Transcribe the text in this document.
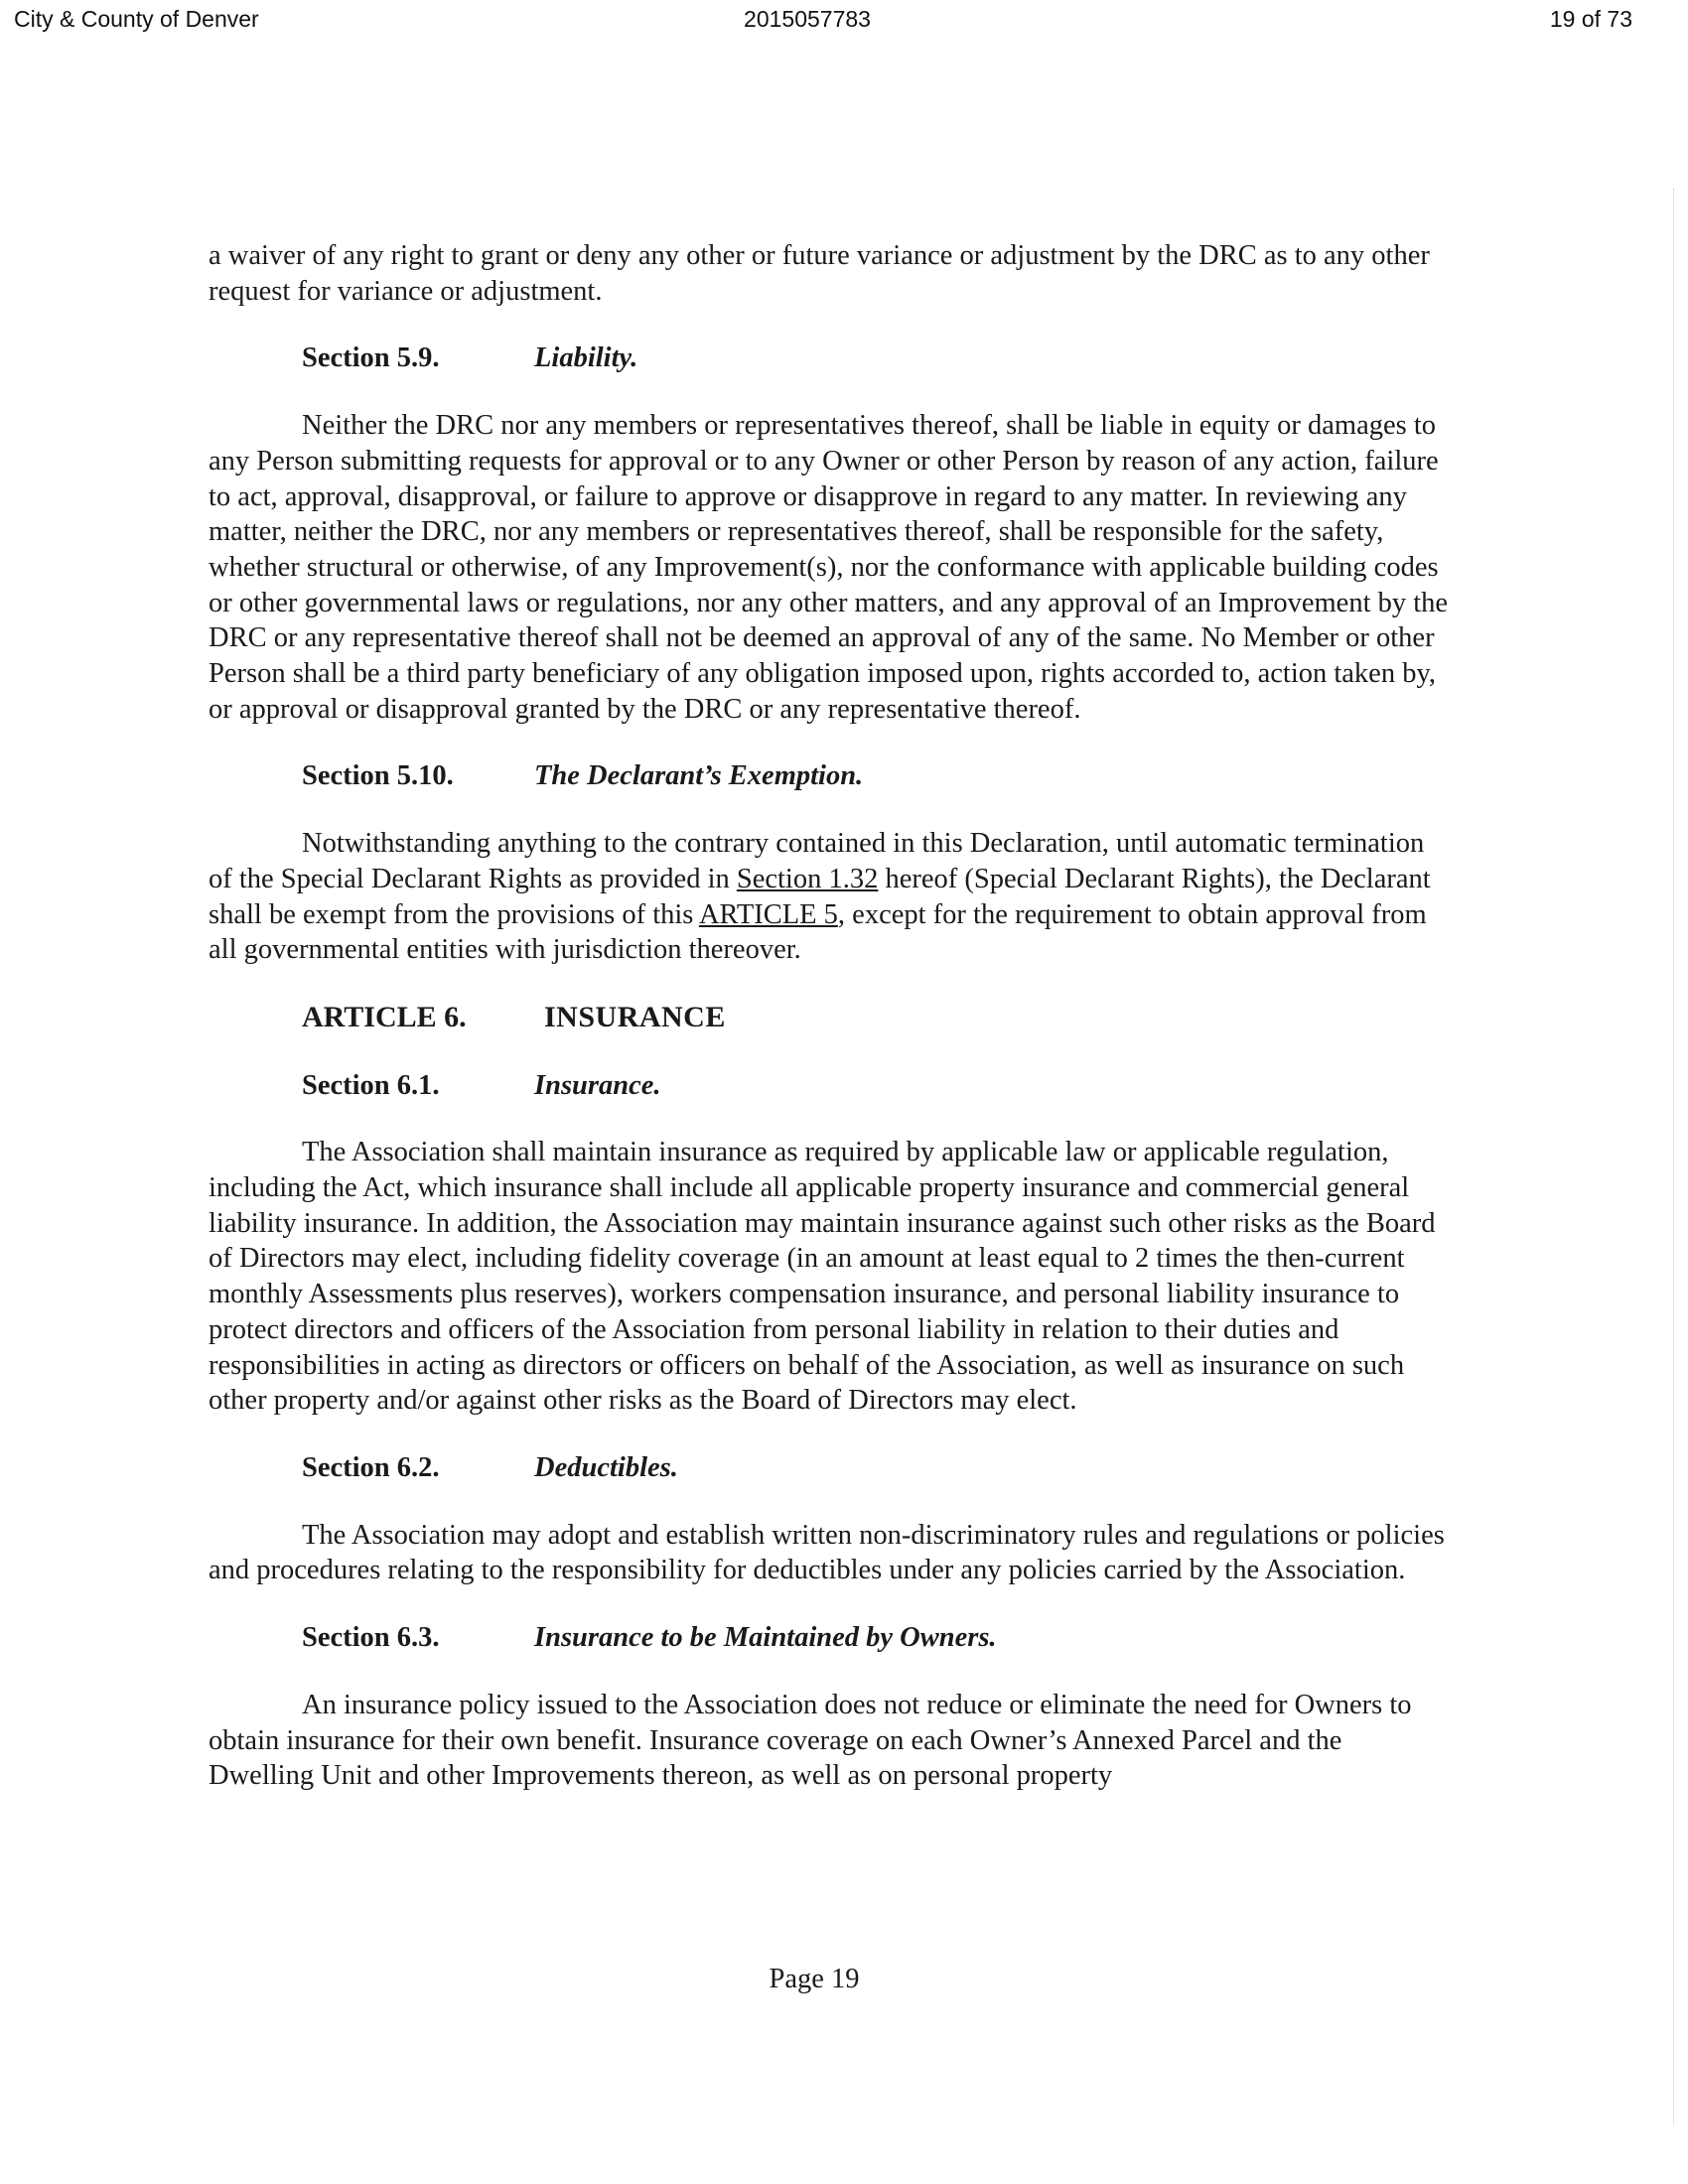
City & County of Denver	2015057783	19 of 73

a waiver of any right to grant or deny any other or future variance or adjustment by the DRC as to any other request for variance or adjustment.

Section 5.9.	Liability.

Neither the DRC nor any members or representatives thereof, shall be liable in equity or damages to any Person submitting requests for approval or to any Owner or other Person by reason of any action, failure to act, approval, disapproval, or failure to approve or disapprove in regard to any matter. In reviewing any matter, neither the DRC, nor any members or representatives thereof, shall be responsible for the safety, whether structural or otherwise, of any Improvement(s), nor the conformance with applicable building codes or other governmental laws or regulations, nor any other matters, and any approval of an Improvement by the DRC or any representative thereof shall not be deemed an approval of any of the same. No Member or other Person shall be a third party beneficiary of any obligation imposed upon, rights accorded to, action taken by, or approval or disapproval granted by the DRC or any representative thereof.

Section 5.10.	The Declarant’s Exemption.

Notwithstanding anything to the contrary contained in this Declaration, until automatic termination of the Special Declarant Rights as provided in Section 1.32 hereof (Special Declarant Rights), the Declarant shall be exempt from the provisions of this ARTICLE 5, except for the requirement to obtain approval from all governmental entities with jurisdiction thereover.

ARTICLE 6.	INSURANCE
Section 6.1.	Insurance.

The Association shall maintain insurance as required by applicable law or applicable regulation, including the Act, which insurance shall include all applicable property insurance and commercial general liability insurance. In addition, the Association may maintain insurance against such other risks as the Board of Directors may elect, including fidelity coverage (in an amount at least equal to 2 times the then-current monthly Assessments plus reserves), workers compensation insurance, and personal liability insurance to protect directors and officers of the Association from personal liability in relation to their duties and responsibilities in acting as directors or officers on behalf of the Association, as well as insurance on such other property and/or against other risks as the Board of Directors may elect.

Section 6.2.	Deductibles.

The Association may adopt and establish written non-discriminatory rules and regulations or policies and procedures relating to the responsibility for deductibles under any policies carried by the Association.

Section 6.3.	Insurance to be Maintained by Owners.

An insurance policy issued to the Association does not reduce or eliminate the need for Owners to obtain insurance for their own benefit. Insurance coverage on each Owner’s Annexed Parcel and the Dwelling Unit and other Improvements thereon, as well as on personal property

Page 19
